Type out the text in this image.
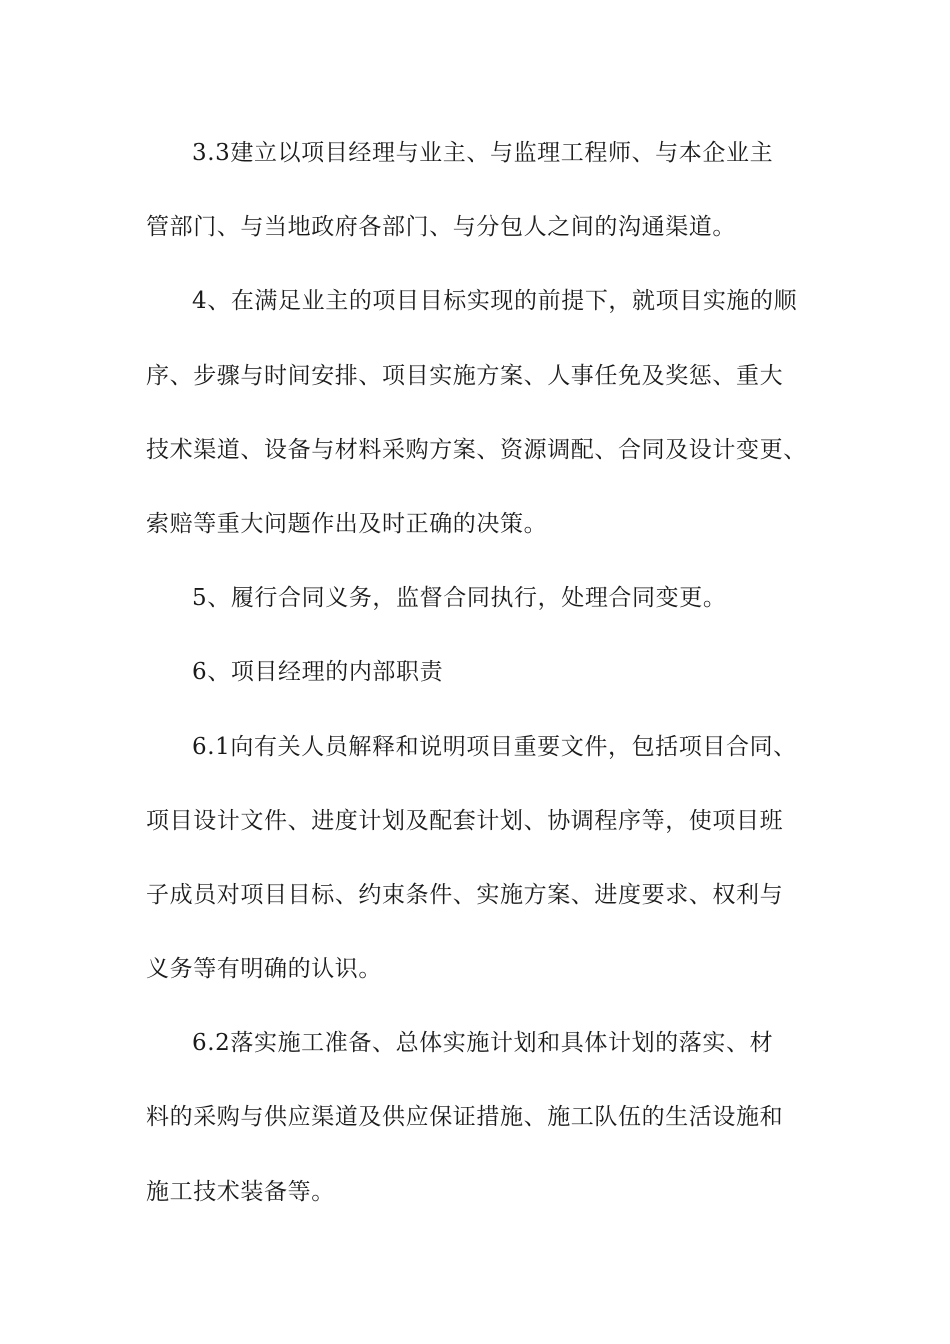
3.3建立以项目经理与业主、与监理工程师、与本企业主
管部门、与当地政府各部门、与分包人之间的沟通渠道。
4、在满足业主的项目目标实现的前提下，就项目实施的顺
序、步骤与时间安排、项目实施方案、人事任免及奖惩、重大
技术渠道、设备与材料采购方案、资源调配、合同及设计变更、
索赔等重大问题作出及时正确的决策。
5、履行合同义务，监督合同执行，处理合同变更。
6、项目经理的内部职责
6.1向有关人员解释和说明项目重要文件，包括项目合同、
项目设计文件、进度计划及配套计划、协调程序等，使项目班
子成员对项目目标、约束条件、实施方案、进度要求、权利与
义务等有明确的认识。
6.2落实施工准备、总体实施计划和具体计划的落实、材
料的采购与供应渠道及供应保证措施、施工队伍的生活设施和
施工技术装备等。
